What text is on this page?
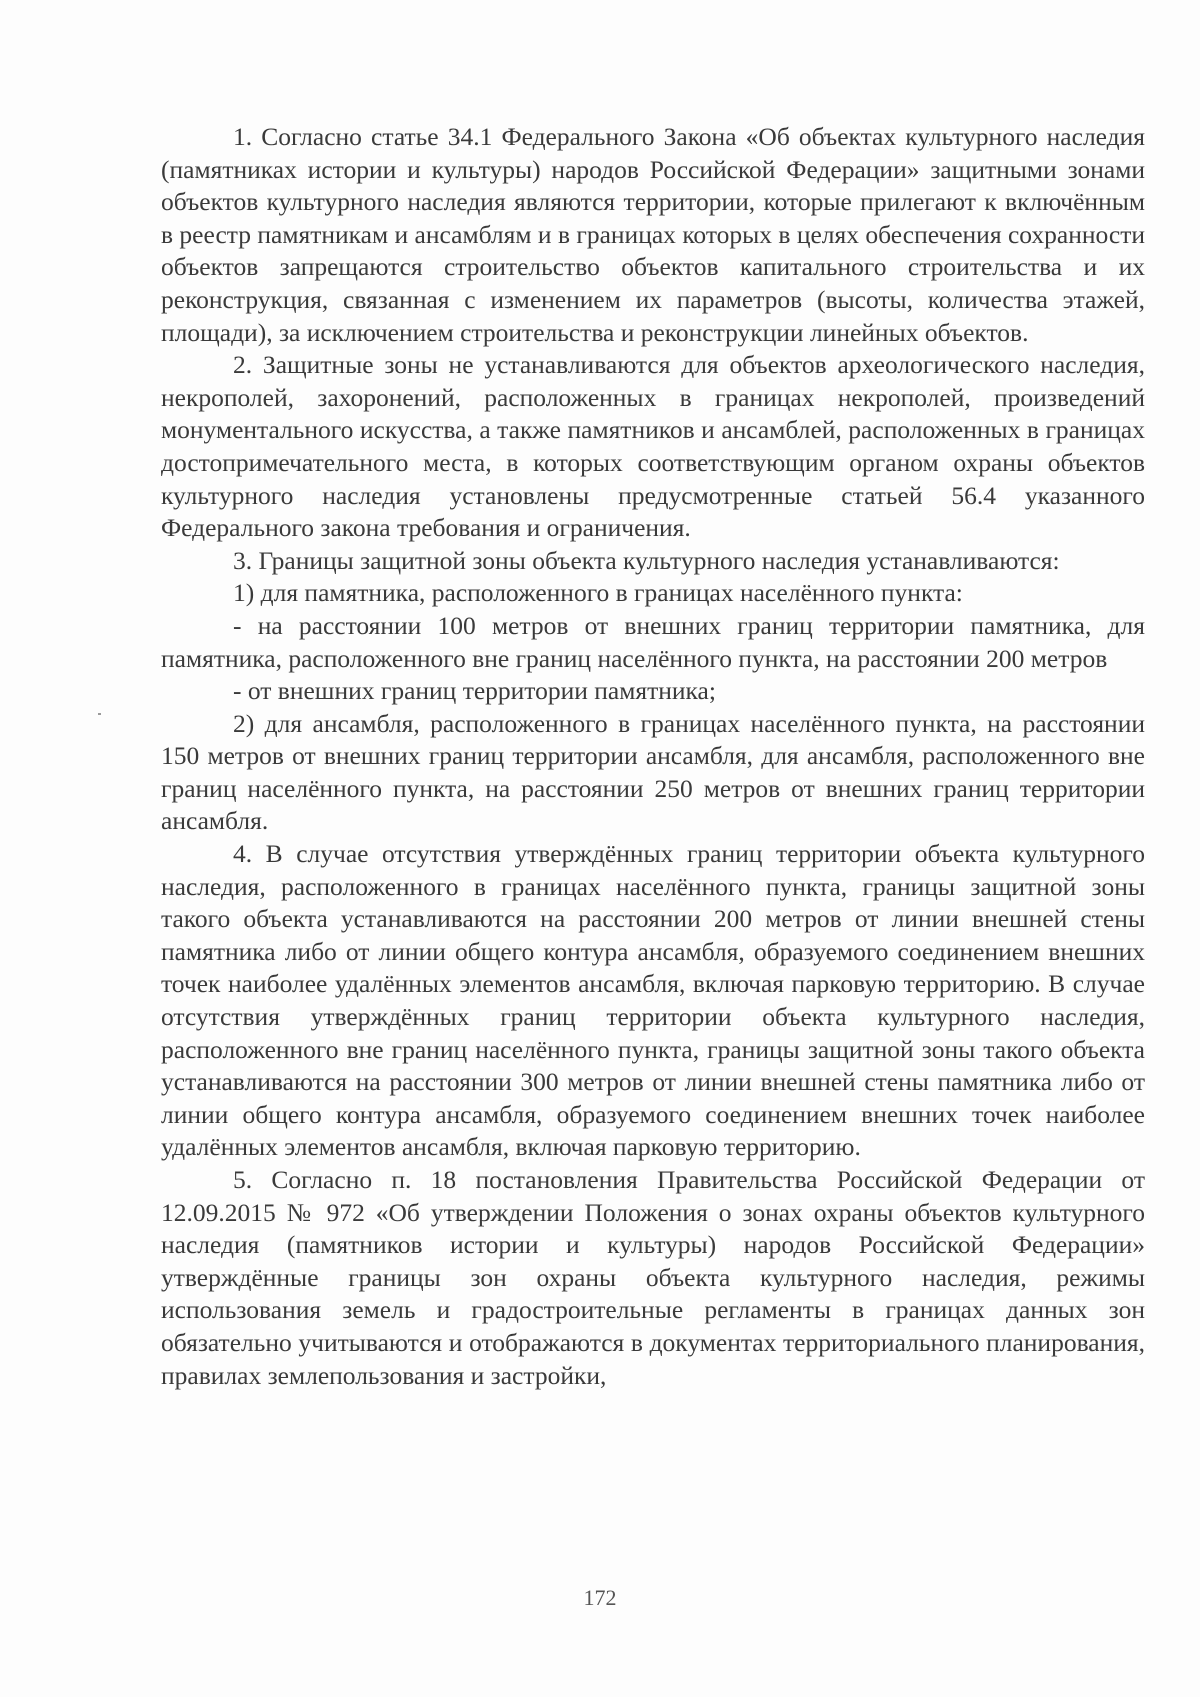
1. Согласно статье 34.1 Федерального Закона «Об объектах культурного наследия (памятниках истории и культуры) народов Российской Федерации» защитными зонами объектов культурного наследия являются территории, которые прилегают к включённым в реестр памятникам и ансамблям и в границах которых в целях обеспечения сохранности объектов запрещаются строительство объектов капитального строительства и их реконструкция, связанная с изменением их параметров (высоты, количества этажей, площади), за исключением строительства и реконструкции линейных объектов.

2. Защитные зоны не устанавливаются для объектов археологического наследия, некрополей, захоронений, расположенных в границах некрополей, произведений монументального искусства, а также памятников и ансамблей, расположенных в границах достопримечательного места, в которых соответствующим органом охраны объектов культурного наследия установлены предусмотренные статьей 56.4 указанного Федерального закона требования и ограничения.

3. Границы защитной зоны объекта культурного наследия устанавливаются:

1) для памятника, расположенного в границах населённого пункта:

- на расстоянии 100 метров от внешних границ территории памятника, для памятника, расположенного вне границ населённого пункта, на расстоянии 200 метров

- от внешних границ территории памятника;

2) для ансамбля, расположенного в границах населённого пункта, на расстоянии 150 метров от внешних границ территории ансамбля, для ансамбля, расположенного вне границ населённого пункта, на расстоянии 250 метров от внешних границ территории ансамбля.

4. В случае отсутствия утверждённых границ территории объекта культурного наследия, расположенного в границах населённого пункта, границы защитной зоны такого объекта устанавливаются на расстоянии 200 метров от линии внешней стены памятника либо от линии общего контура ансамбля, образуемого соединением внешних точек наиболее удалённых элементов ансамбля, включая парковую территорию. В случае отсутствия утверждённых границ территории объекта культурного наследия, расположенного вне границ населённого пункта, границы защитной зоны такого объекта устанавливаются на расстоянии 300 метров от линии внешней стены памятника либо от линии общего контура ансамбля, образуемого соединением внешних точек наиболее удалённых элементов ансамбля, включая парковую территорию.

5. Согласно п. 18 постановления Правительства Российской Федерации от 12.09.2015 № 972 «Об утверждении Положения о зонах охраны объектов культурного наследия (памятников истории и культуры) народов Российской Федерации» утверждённые границы зон охраны объекта культурного наследия, режимы использования земель и градостроительные регламенты в границах данных зон обязательно учитываются и отображаются в документах территориального планирования, правилах землепользования и застройки,

172
